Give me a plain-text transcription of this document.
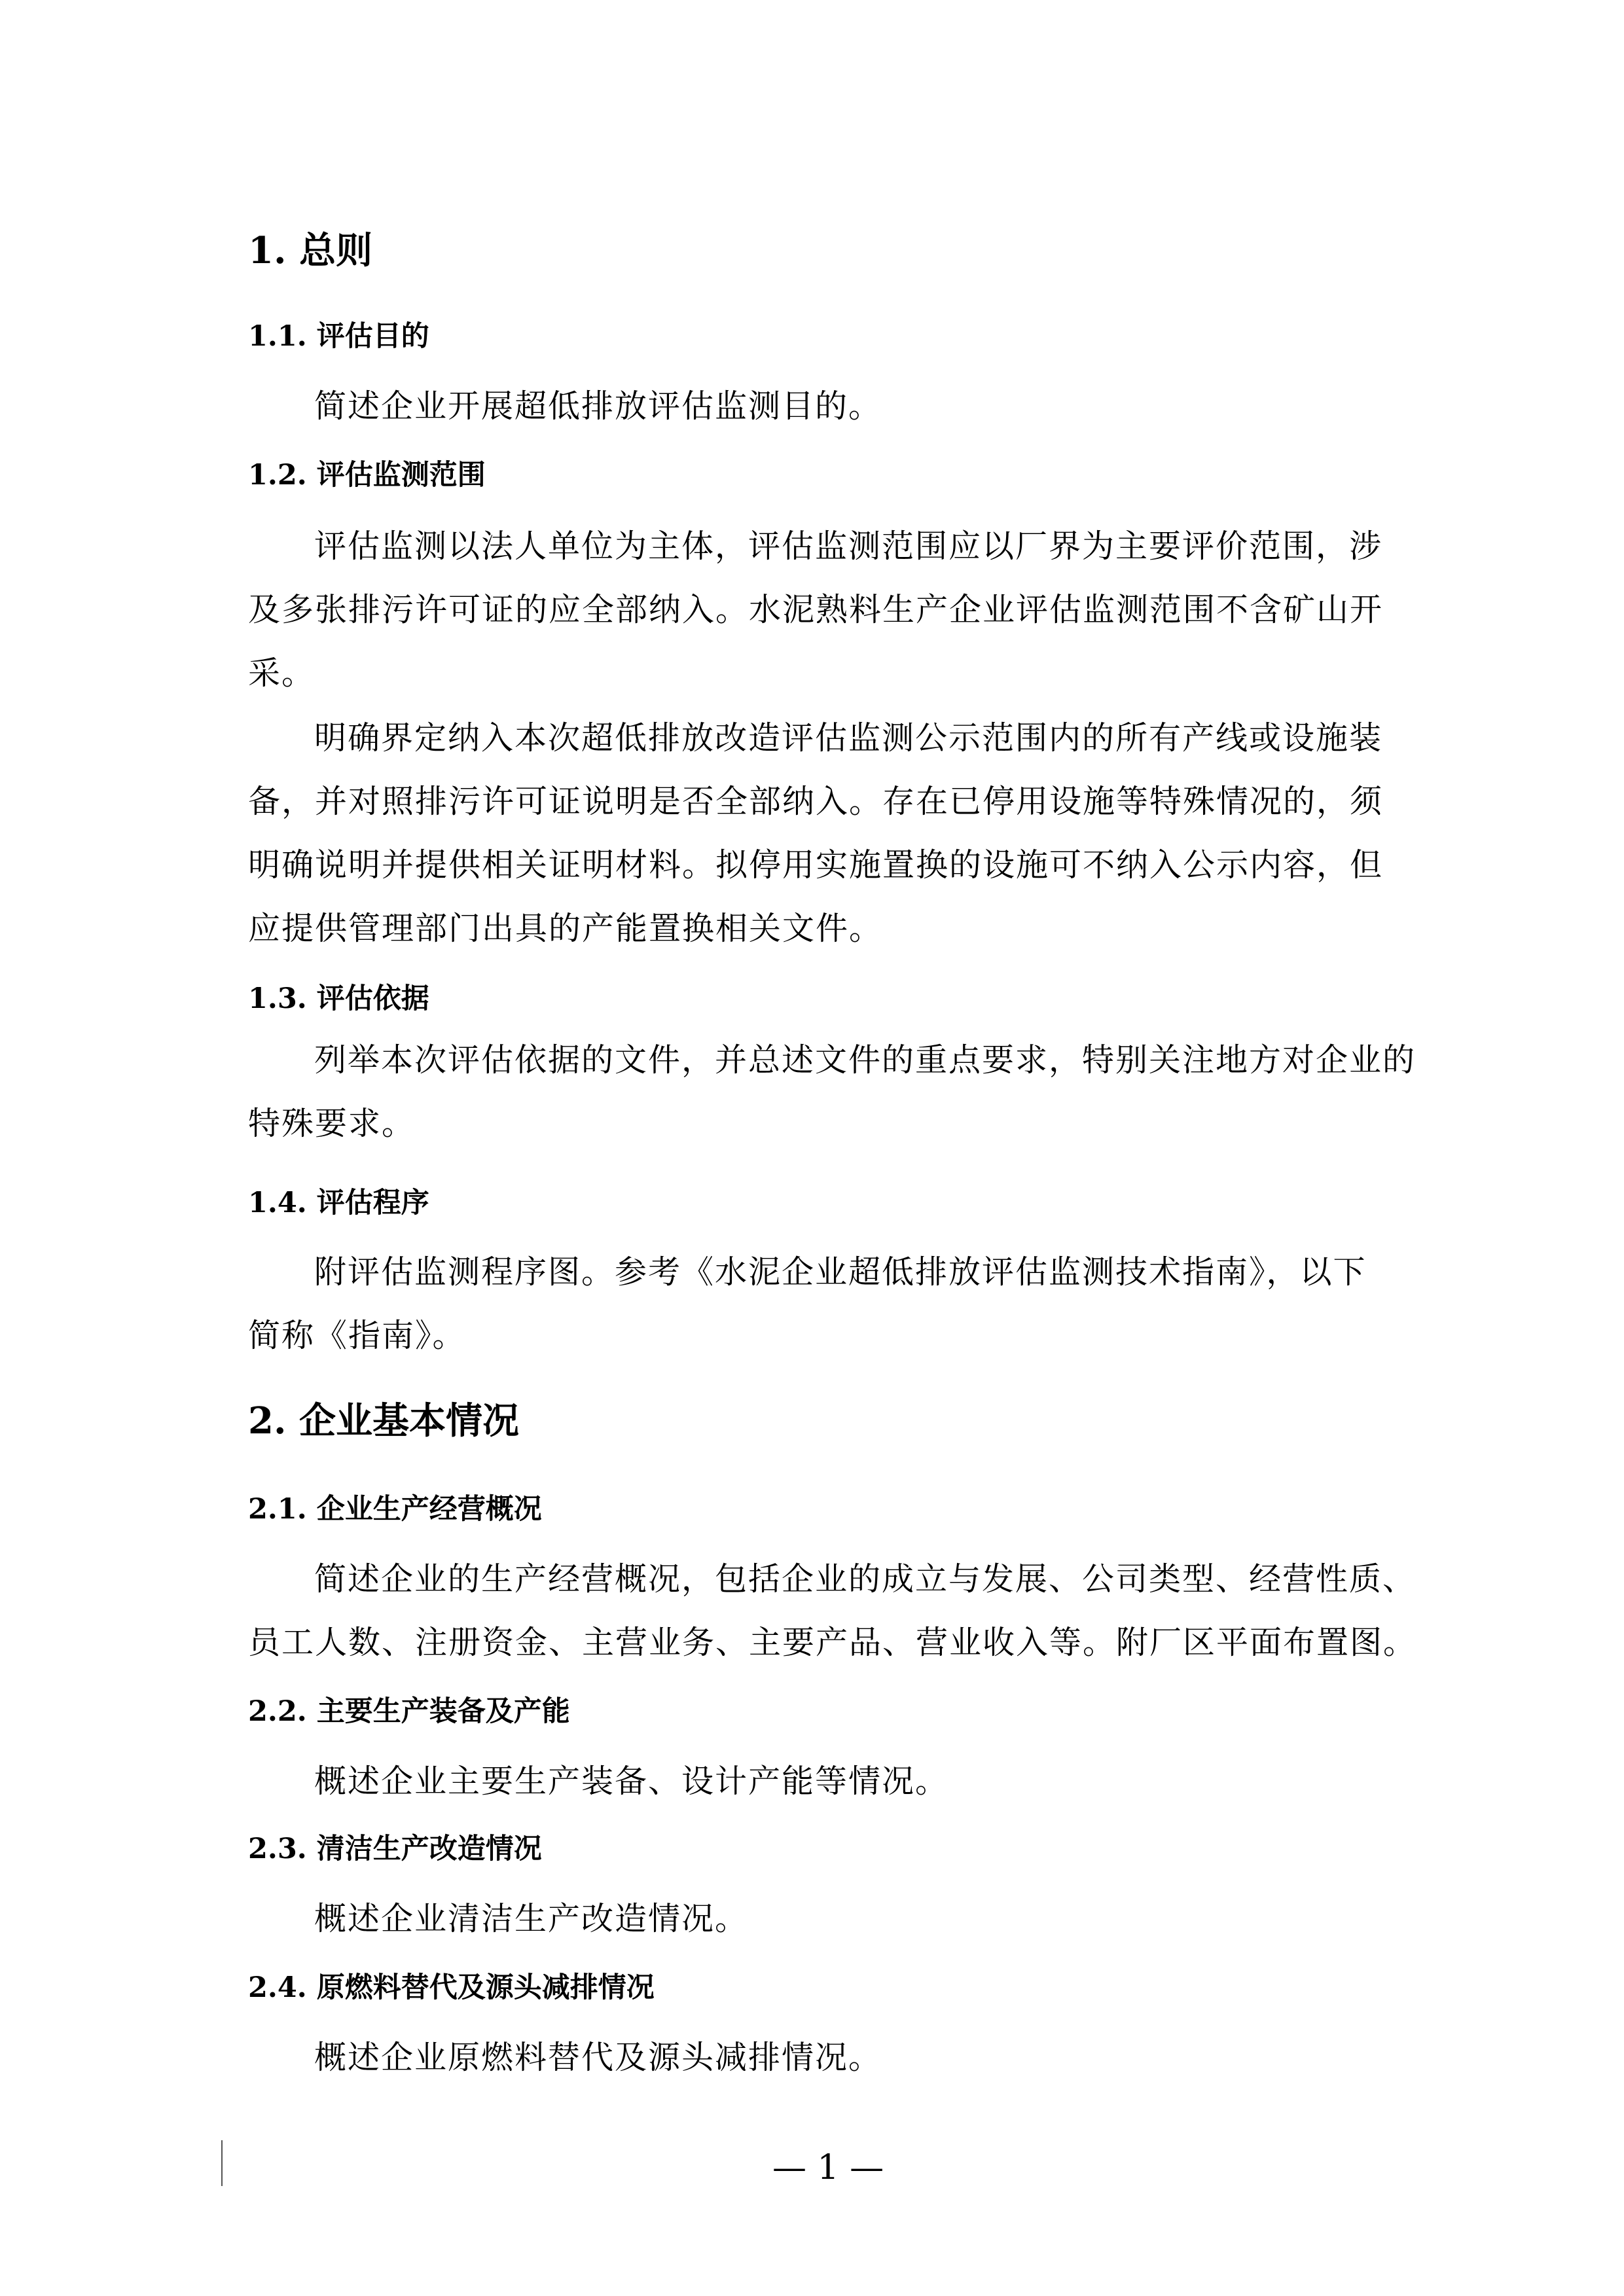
1. 总则
1.1. 评估目的
简述企业开展超低排放评估监测目的。
1.2. 评估监测范围
评估监测以法人单位为主体，评估监测范围应以厂界为主要评价范围，涉
及多张排污许可证的应全部纳入。水泥熟料生产企业评估监测范围不含矿山开
采。
明确界定纳入本次超低排放改造评估监测公示范围内的所有产线或设施装
备，并对照排污许可证说明是否全部纳入。存在已停用设施等特殊情况的，须
明确说明并提供相关证明材料。拟停用实施置换的设施可不纳入公示内容，但
应提供管理部门出具的产能置换相关文件。
1.3. 评估依据
列举本次评估依据的文件，并总述文件的重点要求，特别关注地方对企业的
特殊要求。
1.4. 评估程序
附评估监测程序图。参考《水泥企业超低排放评估监测技术指南》，以下
简称《指南》。
2. 企业基本情况
2.1. 企业生产经营概况
简述企业的生产经营概况，包括企业的成立与发展、公司类型、经营性质、
员工人数、注册资金、主营业务、主要产品、营业收入等。附厂区平面布置图。
2.2. 主要生产装备及产能
概述企业主要生产装备、设计产能等情况。
2.3. 清洁生产改造情况
概述企业清洁生产改造情况。
2.4. 原燃料替代及源头减排情况
概述企业原燃料替代及源头减排情况。
— 1 —
